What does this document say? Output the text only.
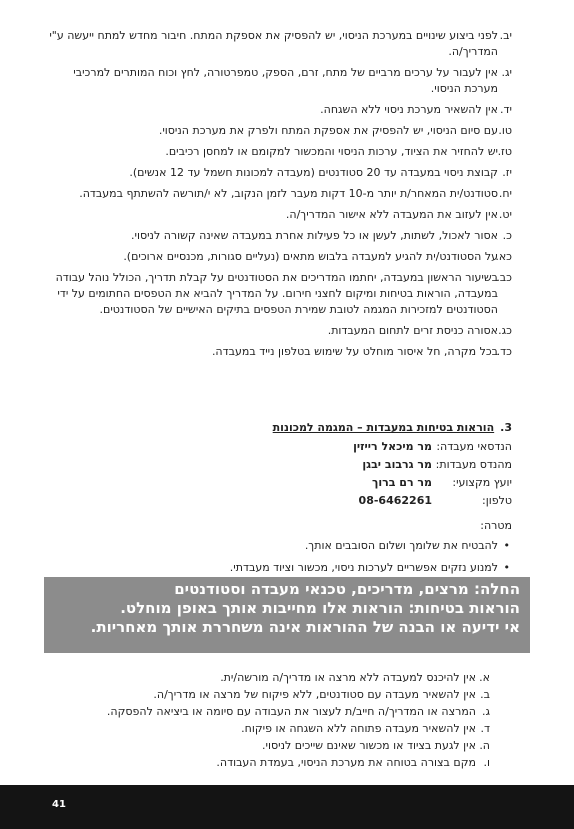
יב.
לפני ביצוע שינויים במערכת הניסוי, יש להפסיק את אספקת המתח. חיבור מחדש למתח ייעשה ע"י המדריך/ה.
יג.
אין לעבור על ערכים מרביים של מתח, זרם, הספק, טמפרטורה, לחץ וכוח המותרים למרכיבי מערכת הניסוי.
יד.
אין להשאיר מערכת ניסוי ללא השגחה.
טו.
עם סיום הניסוי, יש להפסיק את אספקת המתח ולפרק את מערכת הניסוי.
טז.
יש להחזיר את הציוד, ערכות הניסוי והמכשור למקומם או למחסן רכיבים.
יז.
קבוצת ניסוי במעבדה עד 20 סטודנטים (מעבדה למכונות חשמל עד 12 אנשים).
יח.
סטודנט/ית המאחר/ת יותר מ-10 דקות מעבר לזמן הנקוב, לא י/תורשה להשתתף במעבדה.
יט.
אין לעזוב את המעבדה ללא אישור המדריך/ה.
כ.
אסור לאכול, לשתות, לעשן או כל פעילות אחרת במעבדה שאינה קשורה לניסוי.
כא.
על הסטודנט/ית להגיע למעבדה בלבוש מתאים (נעליים סגורות, מכנסיים ארוכים).
כב.
בשיעור הראשון במעבדה, יחתמו המדריכים את הסטודנטים על קבלת תדריך, הכולל נוהל עבודה במעבדה, הוראות בטיחות ומיקום לחצני חירום. על המדריך להביא את הטפסים החתומים על ידי הסטודנטים למזכירות המגמה לטובת שמירת הטפסים בתיקים האישיים של הסטודנטים.
כג.
אסורה כניסת זרים לתחום המעבדות.
כד.
בכל מקרה, חל איסור מוחלט על שימוש בטלפון נייד במעבדה.
3.
הוראות בטיחות במעבדות – המגמה למכונות
הנדסאי מעבדה:
מר מיכאל רייזין
מהנדס מעבדות:
מר גרבוב יבגן
יועץ מקצועי:
מר רם ברוך
טלפון:
08-6462261
מטרה:
• להבטיח את שלומך ושלום הסובבים אותך.
• למנוע נזקים אפשריים לערכות ניסוי, מכשור וציוד מעבדתי.
החלה: מרצים, מדריכים, טכנאי מעבדה וסטודנטים
הוראות בטיחות: הוראות אלו מחייבות אותך באופן מוחלט.
אי ידיעה או הבנה של ההוראות אינה משחררת אותך מאחריות.
א.
אין להיכנס למעבדה ללא מרצה או מדריך/ה מורשה/ית.
ב.
אין להשאיר מעבדה עם סטודנטים, ללא פיקוח של מרצה או מדריך/ה.
ג.
המרצה או המדריך/ה חייב/ת לעצור את העבודה עם סיומה או ביציאה להפסקה.
ד.
אין להשאיר מעבדה פתוחה ללא השגחה או פיקוח.
ה.
אין לגעת בציוד או מכשור שאינם שייכים לניסוי.
ו.
מקם בצורה בטוחה את מערכת הניסוי, בעמדת העבודה.
41
